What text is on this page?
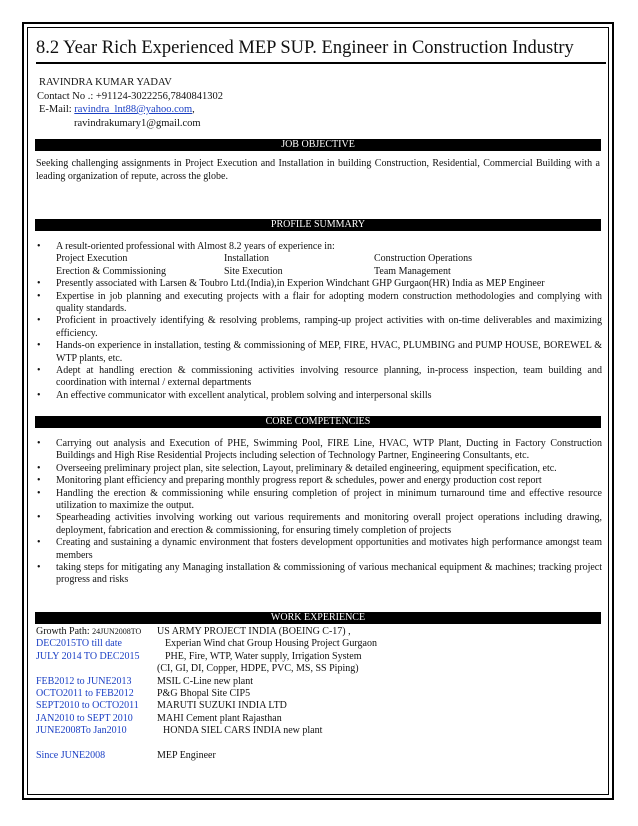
8.2 Year Rich Experienced MEP SUP. Engineer in Construction Industry
RAVINDRA KUMAR YADAV
Contact No .: +91124-3022256,7840841302
E-Mail: ravindra_lnt88@yahoo.com,
ravindrakumary1@gmail.com
JOB OBJECTIVE
Seeking challenging assignments in Project Execution and Installation in building Construction, Residential, Commercial Building with a leading organization of repute, across the globe.
PROFILE SUMMARY
• A result-oriented professional with Almost 8.2 years of experience in:
Project Execution	Installation	Construction Operations
Erection & Commissioning	Site Execution	Team Management
• Presently associated with Larsen & Toubro Ltd.(India),in Experion Windchant GHP Gurgaon(HR) India as MEP Engineer
• Expertise in job planning and executing projects with a flair for adopting modern construction methodologies and complying with quality standards.
• Proficient in proactively identifying & resolving problems, ramping-up project activities with on-time deliverables and maximizing efficiency.
• Hands-on experience in installation, testing & commissioning of MEP, FIRE, HVAC, PLUMBING and PUMP HOUSE, BOREWEL & WTP plants, etc.
• Adept at handling erection & commissioning activities involving resource planning, in-process inspection, team building and coordination with internal / external departments
• An effective communicator with excellent analytical, problem solving and interpersonal skills
CORE COMPETENCIES
• Carrying out analysis and Execution of PHE, Swimming Pool, FIRE Line, HVAC, WTP Plant, Ducting in Factory Construction Buildings and High Rise Residential Projects including selection of Technology Partner, Engineering Consultants, etc.
• Overseeing preliminary project plan, site selection, Layout, preliminary & detailed engineering, equipment specification, etc.
• Monitoring plant efficiency and preparing monthly progress report & schedules, power and energy production cost report
• Handling the erection & commissioning while ensuring completion of project in minimum turnaround time and effective resource utilization to maximize the output.
• Spearheading activities involving working out various requirements and monitoring overall project operations including drawing, deployment, fabrication and erection & commissioning, for ensuring timely completion of projects
• Creating and sustaining a dynamic environment that fosters development opportunities and motivates high performance amongst team members
• taking steps for mitigating any Managing installation & commissioning of various mechanical equipment & machines; tracking project progress and risks
WORK EXPERIENCE
Growth Path: 24JUN2008TO	US ARMY PROJECT INDIA (BOEING C-17) ,
DEC2015TO till date	Experian Wind chat Group Housing Project Gurgaon
JULY 2014 TO DEC2015	PHE, Fire, WTP, Water supply, Irrigation System
(CI, GI, DI, Copper, HDPE, PVC, MS, SS Piping)
FEB2012 to JUNE2013	MSIL C-Line new plant
OCTO2011 to FEB2012	P&G Bhopal Site CIP5
SEPT2010 to OCTO2011	MARUTI SUZUKI INDIA LTD
JAN2010 to SEPT 2010	MAHI Cement plant Rajasthan
JUNE2008To Jan2010	HONDA SIEL CARS INDIA new plant
Since JUNE2008	MEP Engineer
